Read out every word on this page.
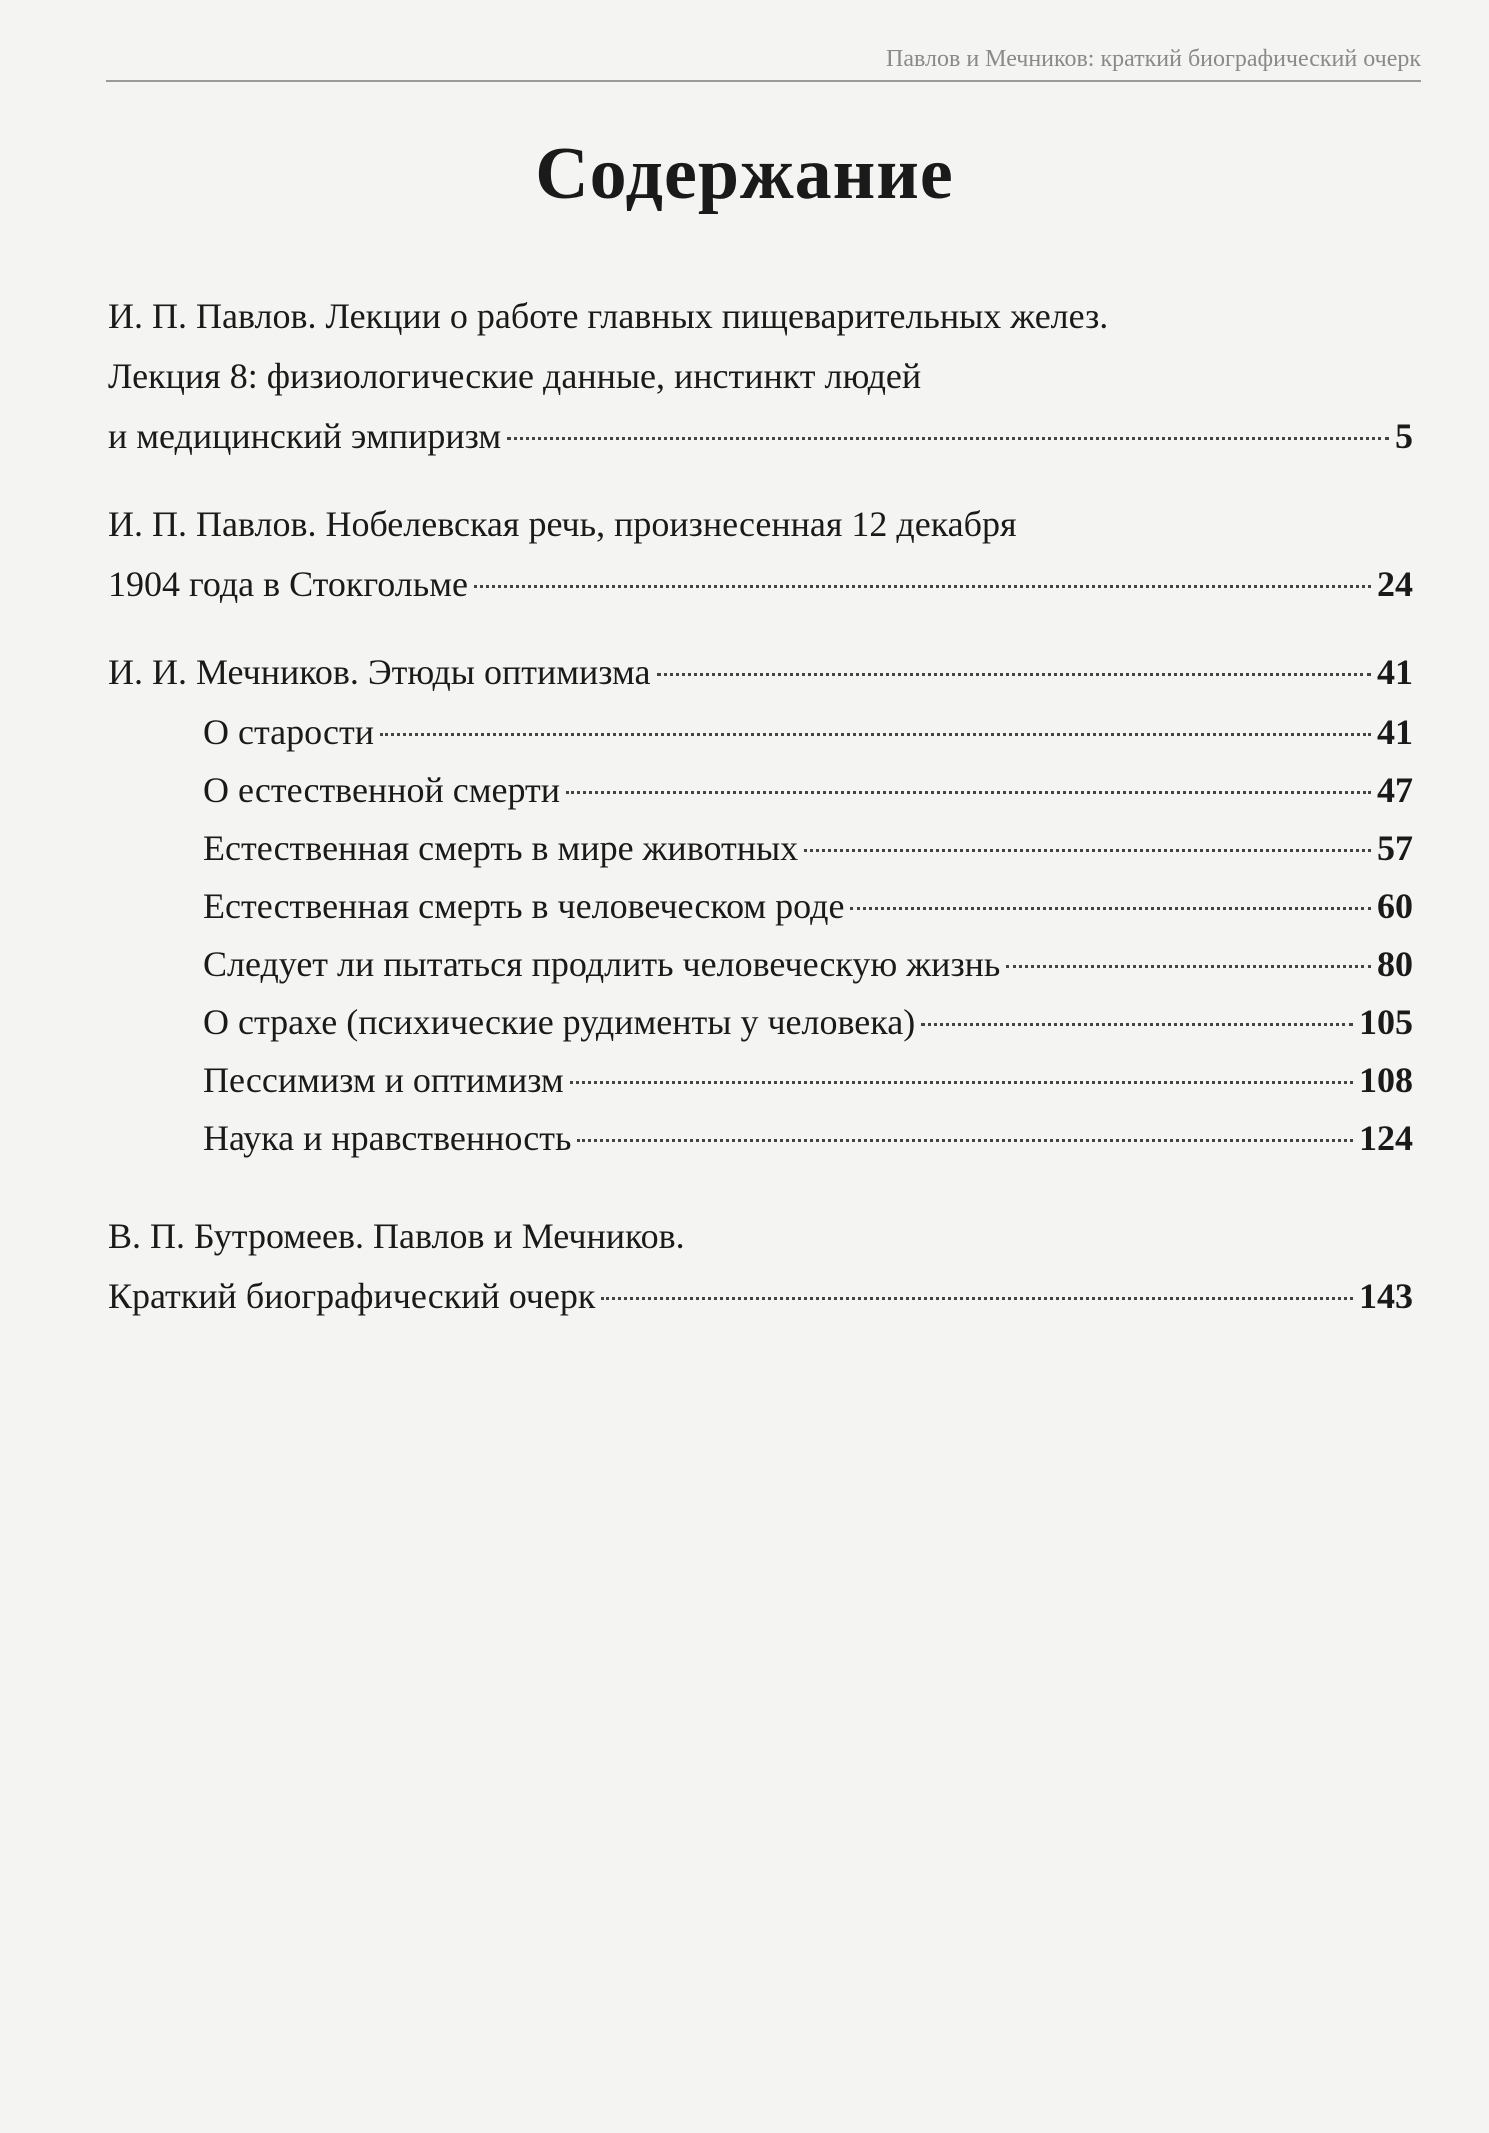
Павлов и Мечников: краткий биографический очерк
Содержание
И. П. Павлов. Лекции о работе главных пищеварительных желез.
Лекция 8: физиологические данные, инстинкт людей
и медицинский эмпиризм	5
И. П. Павлов. Нобелевская речь, произнесенная 12 декабря
1904 года в Стокгольме	24
И. И. Мечников. Этюды оптимизма	41
О старости	41
О естественной смерти	47
Естественная смерть в мире животных	57
Естественная смерть в человеческом роде	60
Следует ли пытаться продлить человеческую жизнь	80
О страхе (психические рудименты у человека)	105
Пессимизм и оптимизм	108
Наука и нравственность	124
В. П. Бутромеев. Павлов и Мечников.
Краткий биографический очерк	143
